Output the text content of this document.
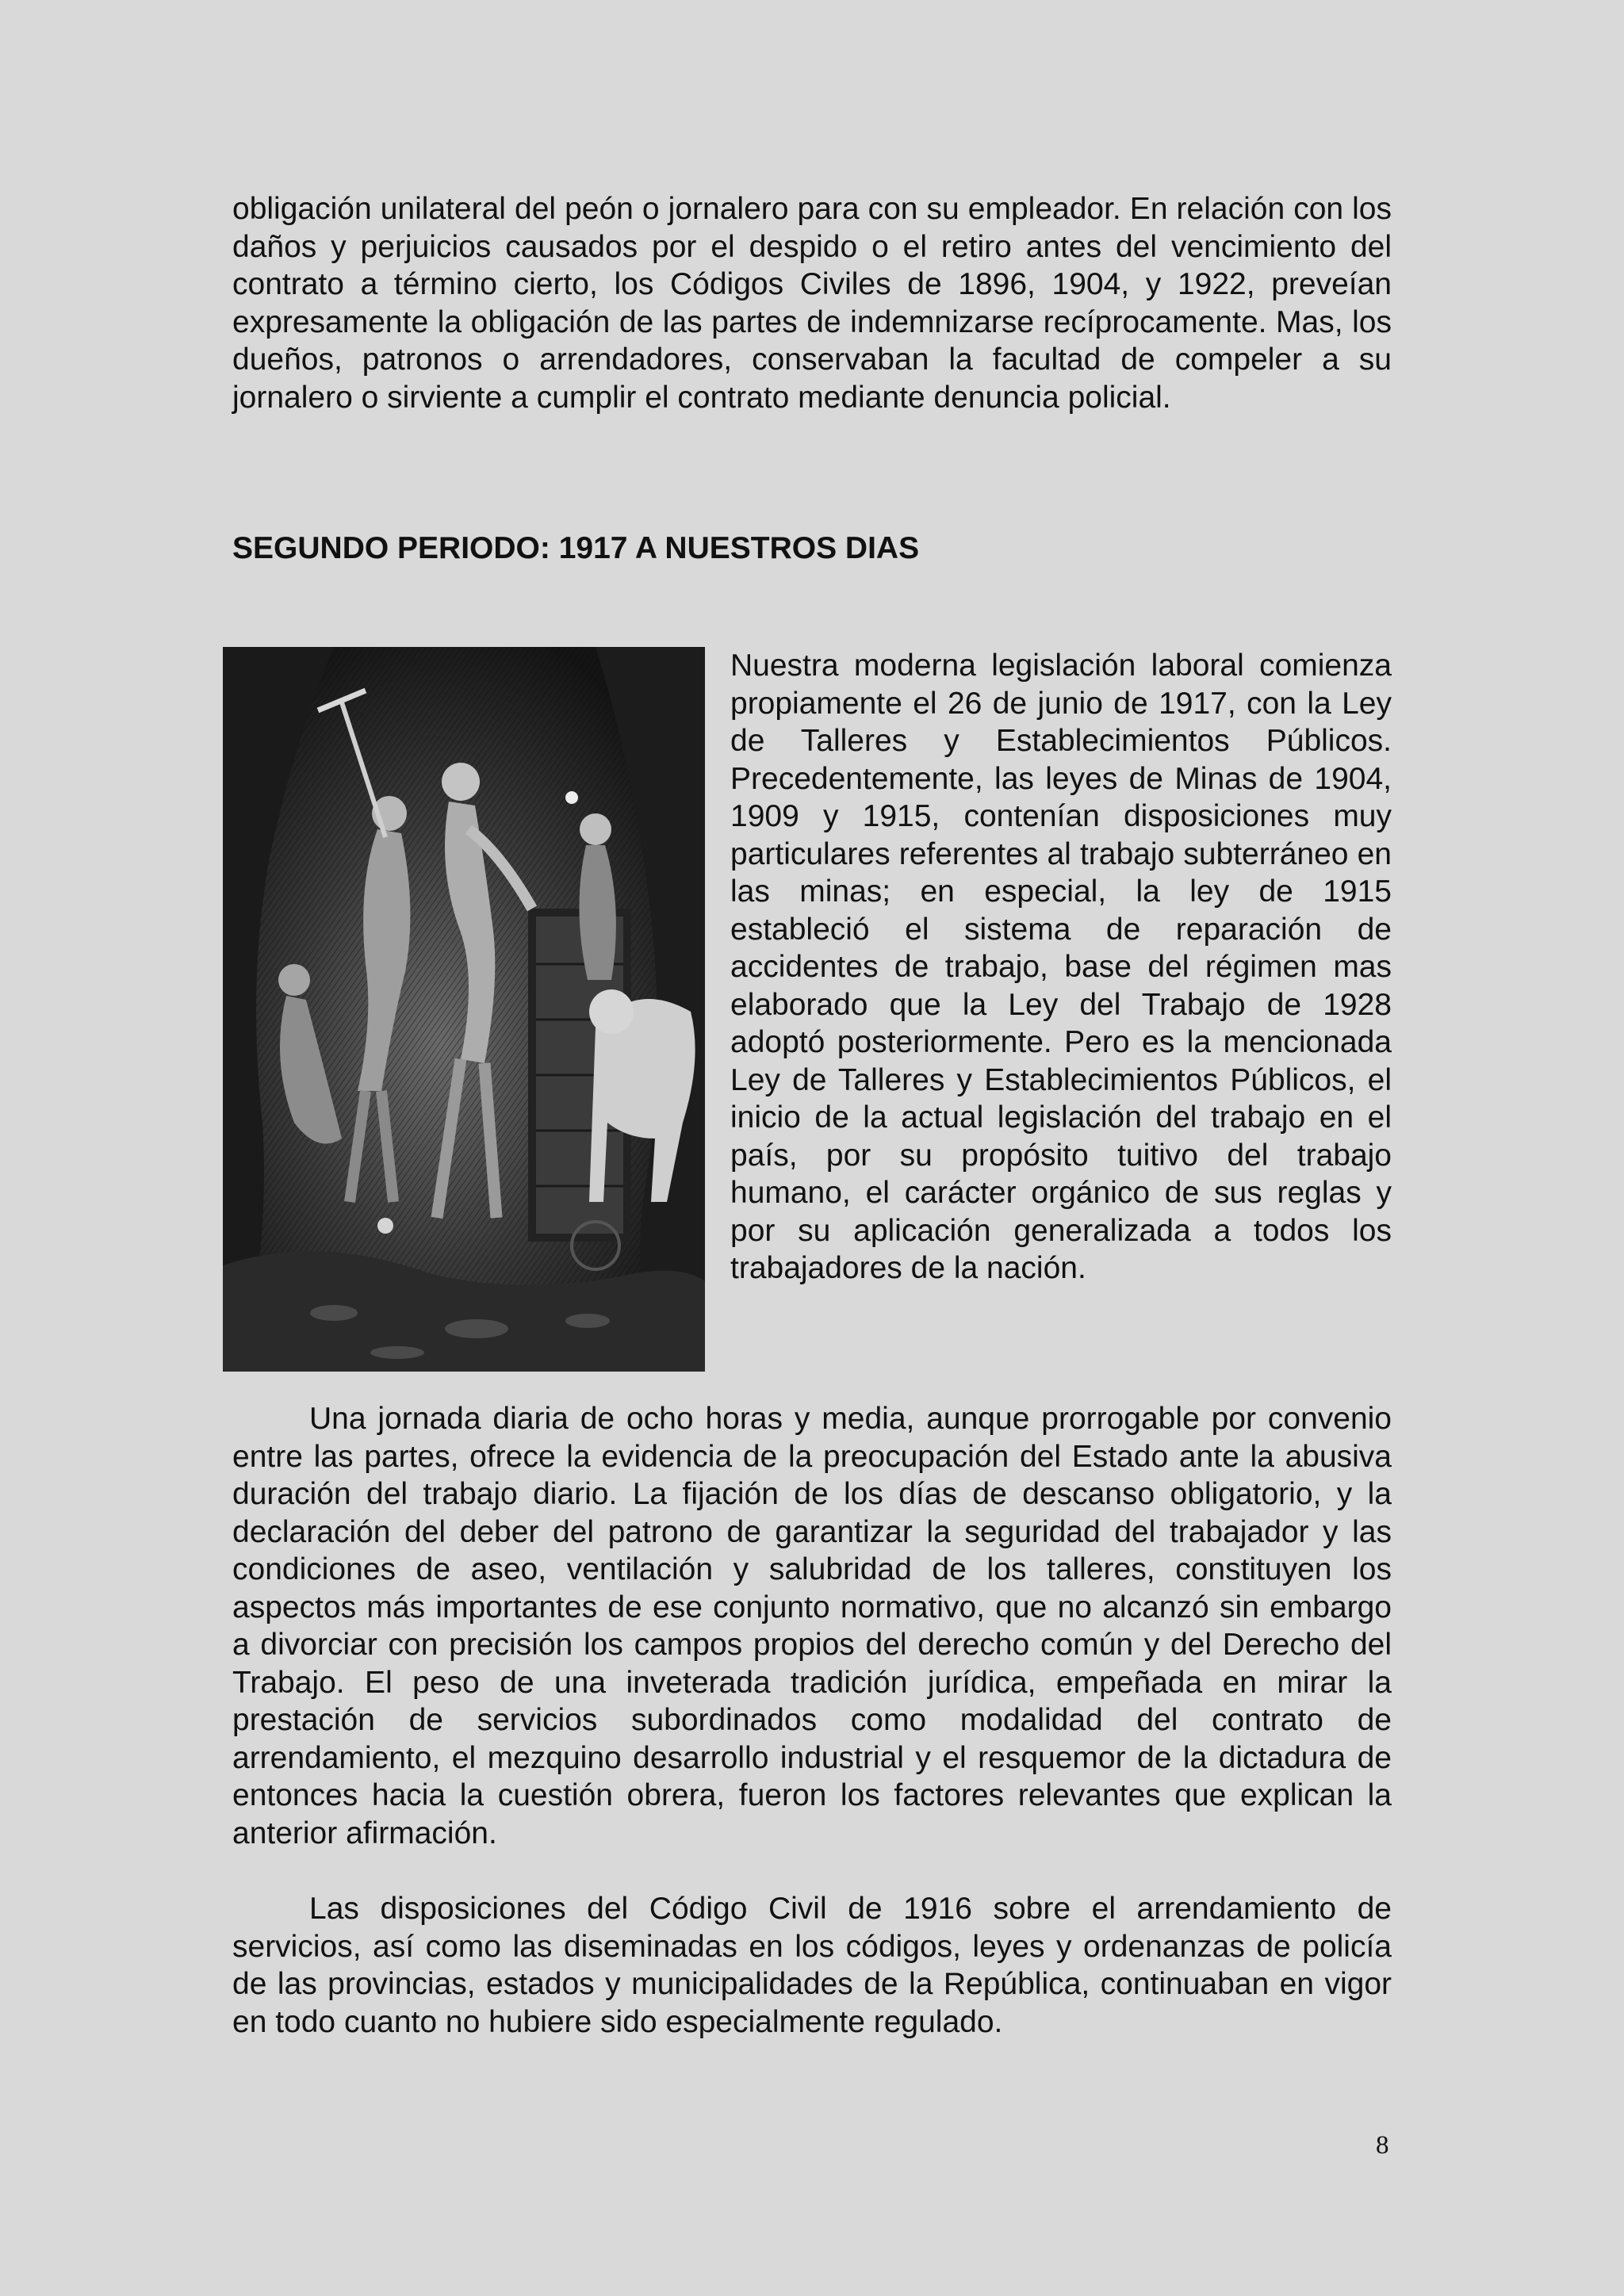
obligación unilateral del peón o jornalero para con su empleador. En relación con los daños y perjuicios causados por el despido o el retiro antes del vencimiento del contrato a término cierto, los Códigos Civiles de 1896, 1904, y 1922, preveían expresamente la obligación de las partes de indemnizarse recíprocamente. Mas, los dueños, patronos o arrendadores, conservaban la facultad de compeler a su jornalero o sirviente a cumplir el contrato mediante denuncia policial.

SEGUNDO PERIODO: 1917 A NUESTROS DIAS

Nuestra moderna legislación laboral comienza propiamente el 26 de junio de 1917, con la Ley de Talleres y Establecimientos Públicos. Precedentemente, las leyes de Minas de 1904, 1909 y 1915, contenían disposiciones muy particulares referentes al trabajo subterráneo en las minas; en especial, la ley de 1915 estableció el sistema de reparación de accidentes de trabajo, base del régimen mas elaborado que la Ley del Trabajo de 1928 adoptó posteriormente. Pero es la mencionada Ley de Talleres y Establecimientos Públicos, el inicio de la actual legislación del trabajo en el país, por su propósito tuitivo del trabajo humano, el carácter orgánico de sus reglas y por su aplicación generalizada a todos los trabajadores de la nación.

Una jornada diaria de ocho horas y media, aunque prorrogable por convenio entre las partes, ofrece la evidencia de la preocupación del Estado ante la abusiva duración del trabajo diario. La fijación de los días de descanso obligatorio, y la declaración del deber del patrono de garantizar la seguridad del trabajador y las condiciones de aseo, ventilación y salubridad de los talleres, constituyen los aspectos más importantes de ese conjunto normativo, que no alcanzó sin embargo a divorciar con precisión los campos propios del derecho común y del Derecho del Trabajo. El peso de una inveterada tradición jurídica, empeñada en mirar la prestación de servicios subordinados como modalidad del contrato de arrendamiento, el mezquino desarrollo industrial y el resquemor de la dictadura de entonces hacia la cuestión obrera, fueron los factores relevantes que explican la anterior afirmación.

Las disposiciones del Código Civil de 1916 sobre el arrendamiento de servicios, así como las diseminadas en los códigos, leyes y ordenanzas de policía de las provincias, estados y municipalidades de la República, continuaban en vigor en todo cuanto no hubiere sido especialmente regulado.

8
